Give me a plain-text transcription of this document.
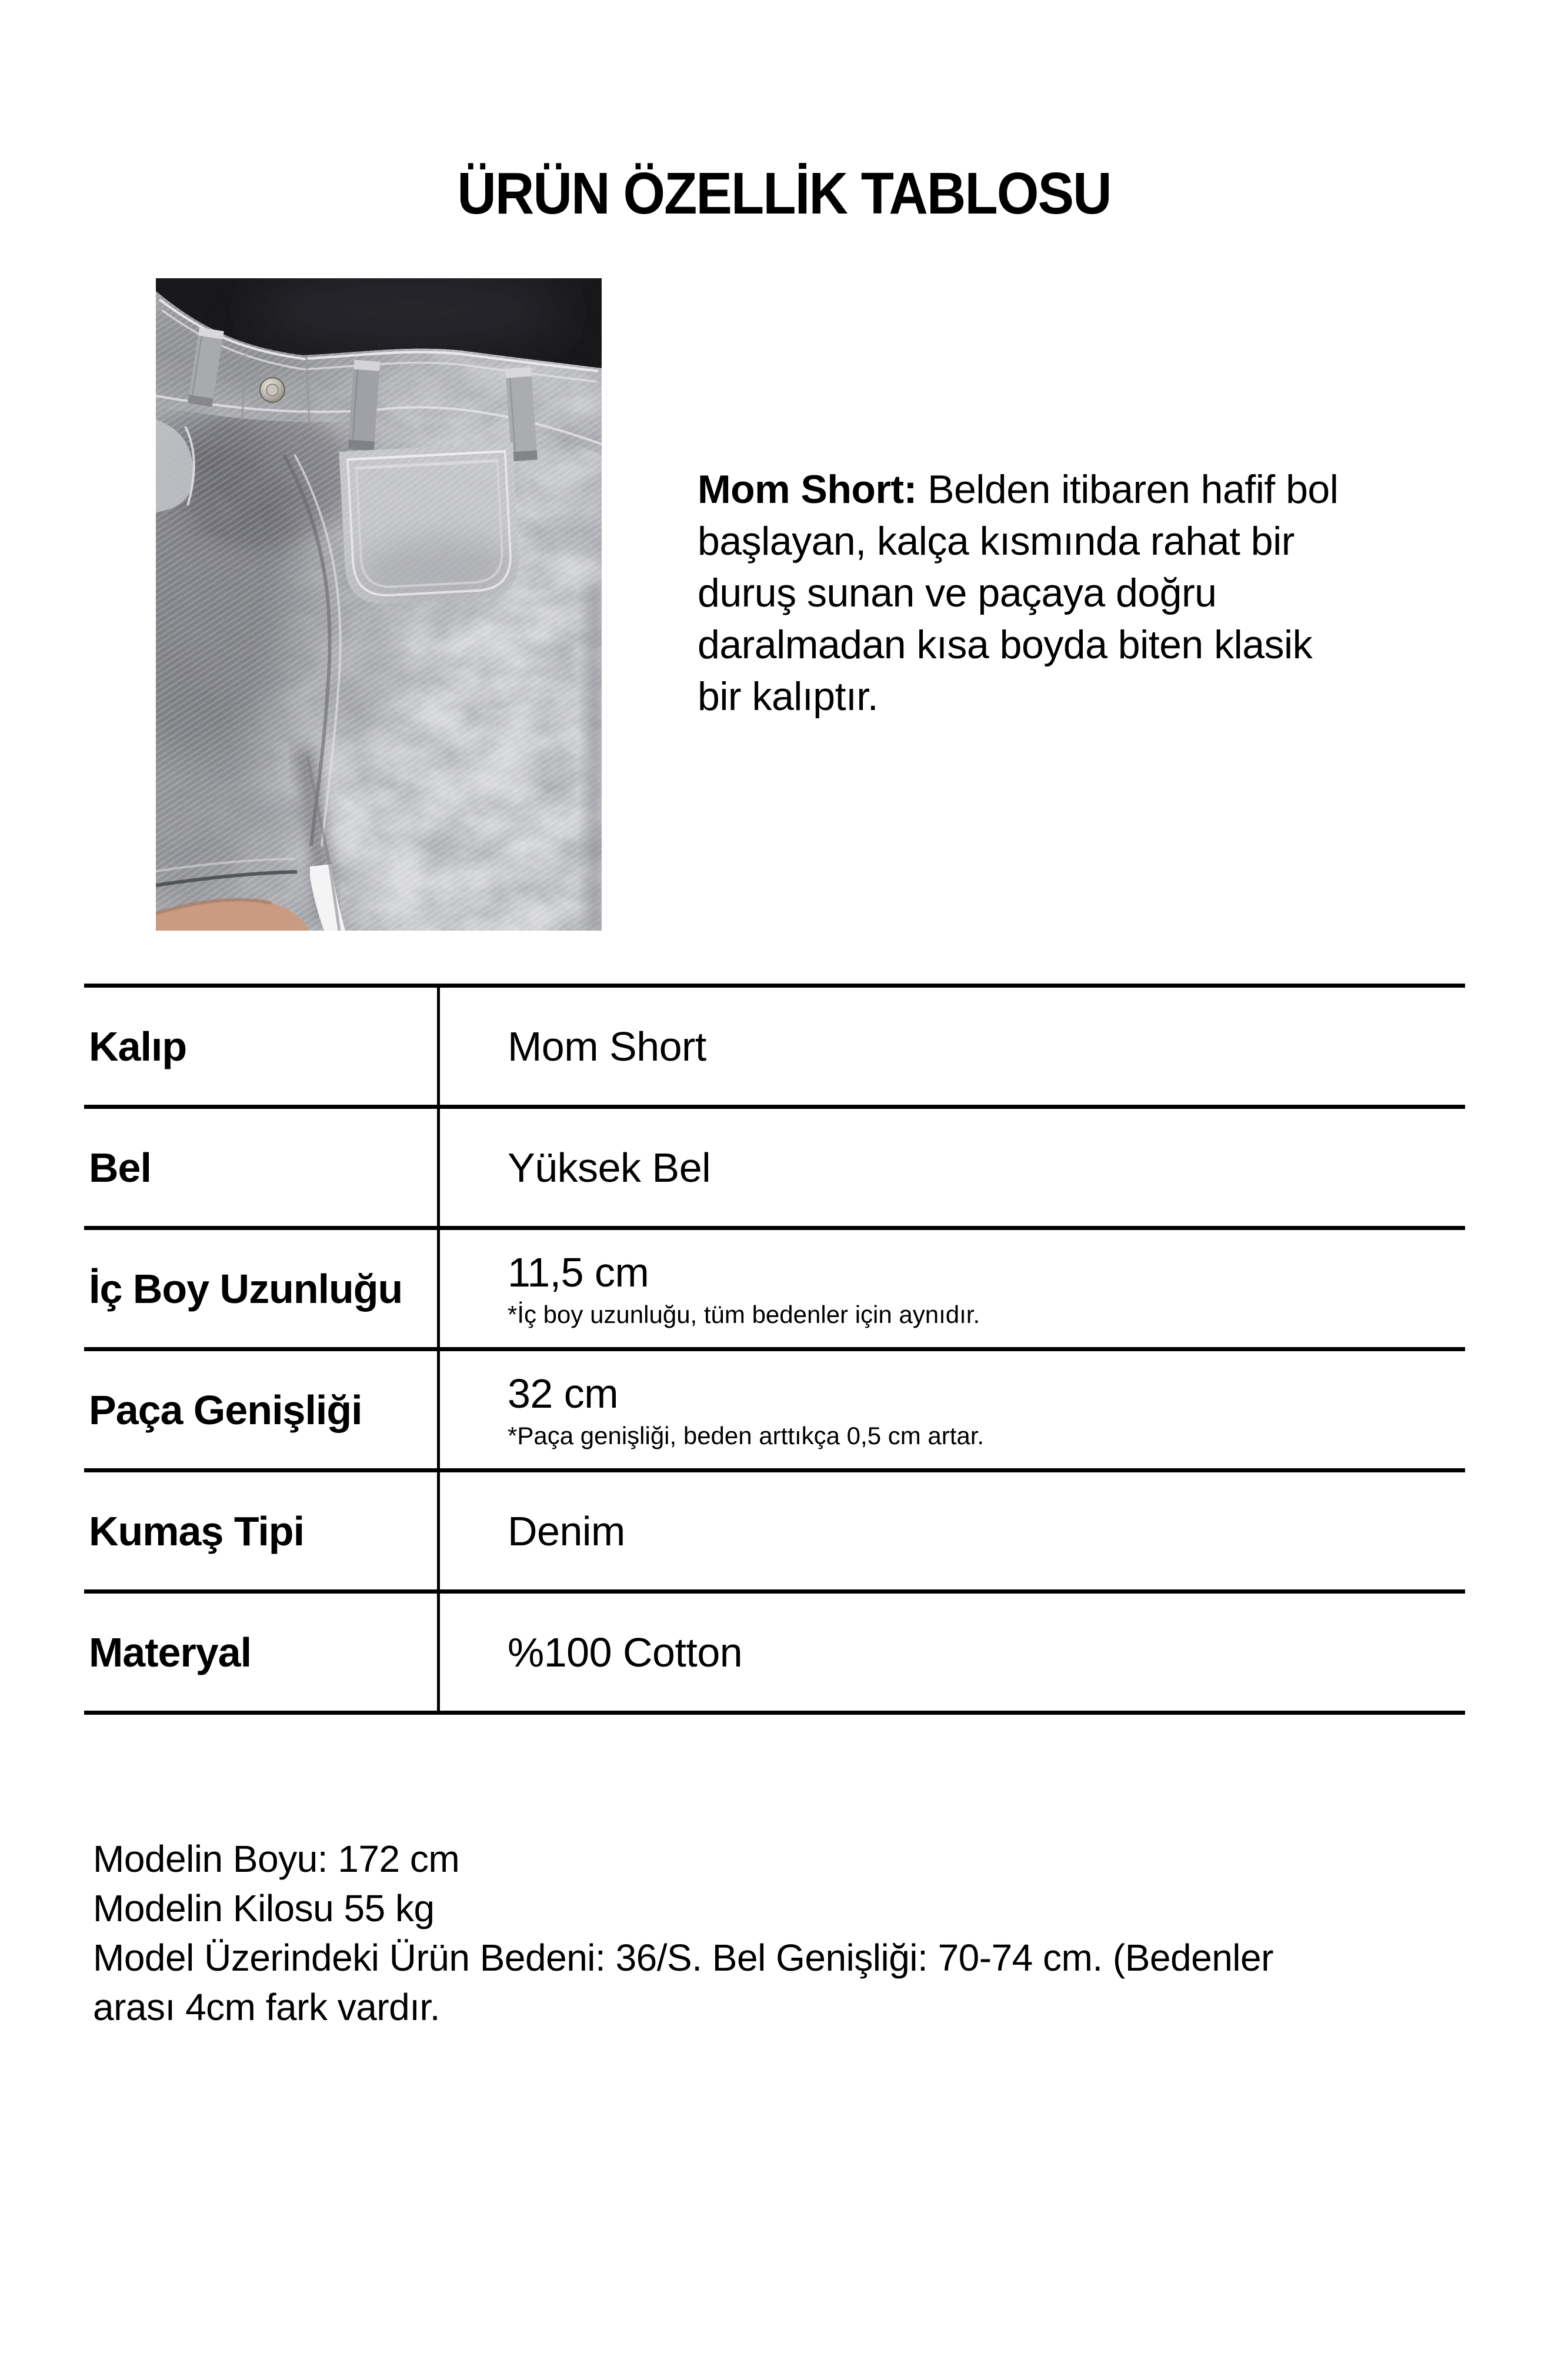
ÜRÜN ÖZELLİK TABLOSU
Mom Short: Belden itibaren hafif bol
başlayan, kalça kısmında rahat bir
duruş sunan ve paçaya doğru
daralmadan kısa boyda biten klasik
bir kalıptır.
Kalıp	Mom Short
Bel	Yüksek Bel
İç Boy Uzunluğu	11,5 cm
*İç boy uzunluğu, tüm bedenler için aynıdır.
Paça Genişliği	32 cm
*Paça genişliği, beden arttıkça 0,5 cm artar.
Kumaş Tipi	Denim
Materyal	%100 Cotton
Modelin Boyu: 172 cm
Modelin Kilosu 55 kg
Model Üzerindeki Ürün Bedeni: 36/S. Bel Genişliği: 70-74 cm. (Bedenler
arası 4cm fark vardır.
